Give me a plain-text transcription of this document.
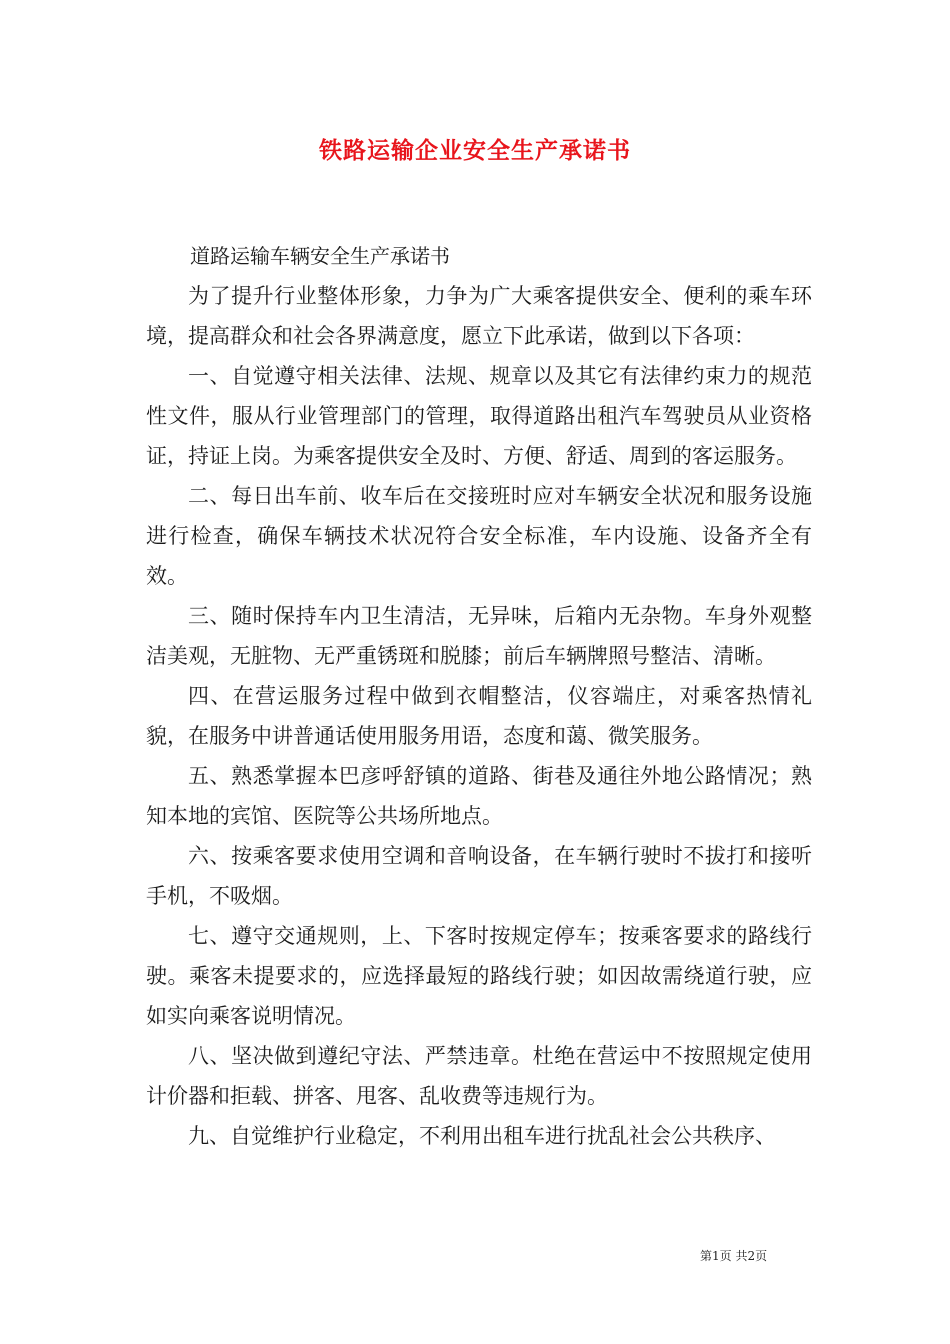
铁路运输企业安全生产承诺书

道路运输车辆安全生产承诺书

为了提升行业整体形象，力争为广大乘客提供安全、便利的乘车环境，提高群众和社会各界满意度，愿立下此承诺，做到以下各项：

一、自觉遵守相关法律、法规、规章以及其它有法律约束力的规范性文件，服从行业管理部门的管理，取得道路出租汽车驾驶员从业资格证，持证上岗。为乘客提供安全及时、方便、舒适、周到的客运服务。

二、每日出车前、收车后在交接班时应对车辆安全状况和服务设施进行检查，确保车辆技术状况符合安全标准，车内设施、设备齐全有效。

三、随时保持车内卫生清洁，无异味，后箱内无杂物。车身外观整洁美观，无脏物、无严重锈斑和脱膝；前后车辆牌照号整洁、清晰。

四、在营运服务过程中做到衣帽整洁，仪容端庄，对乘客热情礼貌，在服务中讲普通话使用服务用语，态度和蔼、微笑服务。

五、熟悉掌握本巴彦呼舒镇的道路、街巷及通往外地公路情况；熟知本地的宾馆、医院等公共场所地点。

六、按乘客要求使用空调和音响设备，在车辆行驶时不拔打和接听手机，不吸烟。

七、遵守交通规则，上、下客时按规定停车；按乘客要求的路线行驶。乘客未提要求的，应选择最短的路线行驶；如因故需绕道行驶，应如实向乘客说明情况。

八、坚决做到遵纪守法、严禁违章。杜绝在营运中不按照规定使用计价器和拒载、拼客、甩客、乱收费等违规行为。

九、自觉维护行业稳定，不利用出租车进行扰乱社会公共秩序、

第1页 共2页
